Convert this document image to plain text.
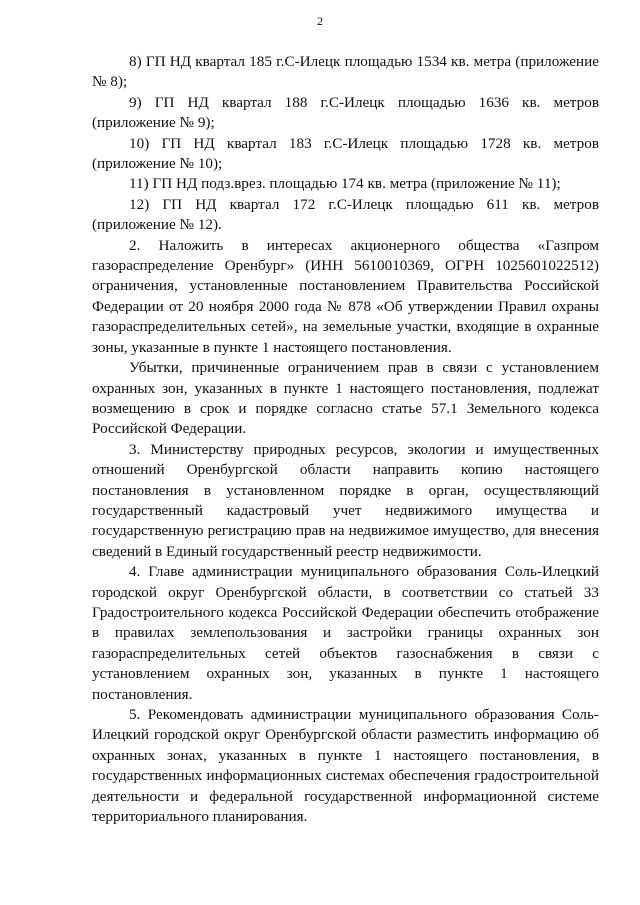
2

8) ГП НД квартал 185 г.С-Илецк площадью 1534 кв. метра (приложение № 8);

9) ГП НД квартал 188 г.С-Илецк площадью 1636 кв. метров (приложение № 9);

10) ГП НД квартал 183 г.С-Илецк площадью 1728 кв. метров (приложение № 10);

11) ГП НД подз.врез. площадью 174 кв. метра (приложение № 11);

12) ГП НД квартал 172 г.С-Илецк площадью 611 кв. метров (приложение № 12).

2. Наложить в интересах акционерного общества «Газпром газораспределение Оренбург» (ИНН 5610010369, ОГРН 1025601022512) ограничения, установленные постановлением Правительства Российской Федерации от 20 ноября 2000 года № 878 «Об утверждении Правил охраны газораспределительных сетей», на земельные участки, входящие в охранные зоны, указанные в пункте 1 настоящего постановления.

Убытки, причиненные ограничением прав в связи с установлением охранных зон, указанных в пункте 1 настоящего постановления, подлежат возмещению в срок и порядке согласно статье 57.1 Земельного кодекса Российской Федерации.

3. Министерству природных ресурсов, экологии и имущественных отношений Оренбургской области направить копию настоящего постановления в установленном порядке в орган, осуществляющий государственный кадастровый учет недвижимого имущества и государственную регистрацию прав на недвижимое имущество, для внесения сведений в Единый государственный реестр недвижимости.

4. Главе администрации муниципального образования Соль-Илецкий городской округ Оренбургской области, в соответствии со статьей 33 Градостроительного кодекса Российской Федерации обеспечить отображение в правилах землепользования и застройки границы охранных зон газораспределительных сетей объектов газоснабжения в связи с установлением охранных зон, указанных в пункте 1 настоящего постановления.

5. Рекомендовать администрации муниципального образования Соль-Илецкий городской округ Оренбургской области разместить информацию об охранных зонах, указанных в пункте 1 настоящего постановления, в государственных информационных системах обеспечения градостроительной деятельности и федеральной государственной информационной системе территориального планирования.
